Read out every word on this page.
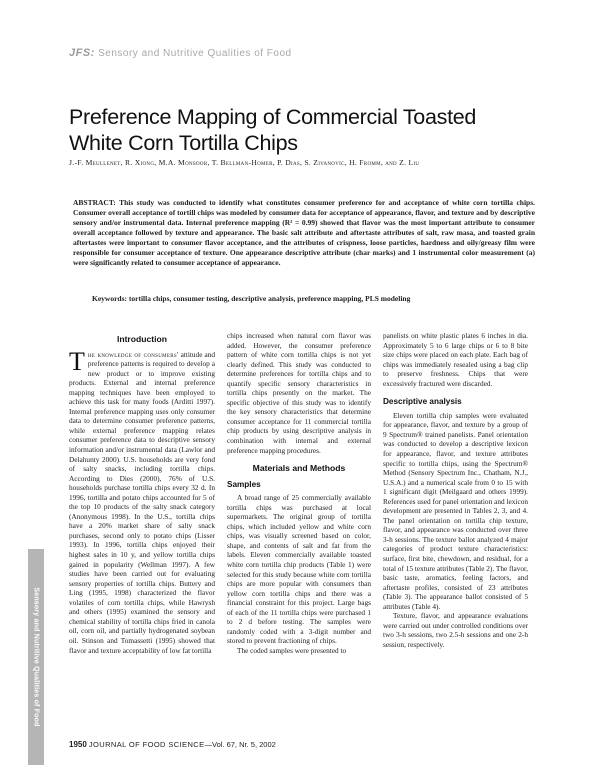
JFS: Sensory and Nutritive Qualities of Food
Preference Mapping of Commercial Toasted
White Corn Tortilla Chips
J.-F. Meullenet, R. Xiong, M.A. Monsoor, T. Bellman-Homer, P. Dias, S. Zivanovic, H. Fromm, and Z. Liu
ABSTRACT: This study was conducted to identify what constitutes consumer preference for and acceptance of white corn tortilla chips. Consumer overall acceptance of tortill chips was modeled by consumer data for acceptance of appearance, flavor, and texture and by descriptive sensory and/or instrumental data. Internal preference mapping (R² = 0.99) showed that flavor was the most important attribute to consumer overall acceptance followed by texture and appearance. The basic salt attribute and aftertaste attributes of salt, raw masa, and toasted grain aftertastes were important to consumer flavor acceptance, and the attributes of crispness, loose particles, hardness and oily/greasy film were responsible for consumer acceptance of texture. One appearance descriptive attribute (char marks) and 1 instrumental color measurement (a) were significantly related to consumer acceptance of appearance.
Keywords: tortilla chips, consumer testing, descriptive analysis, preference mapping, PLS modeling
Introduction

The knowledge of consumers' attitude and preference patterns is required to develop a new product or to improve existing products. External and internal preference mapping techniques have been employed to achieve this task for many foods (Arditti 1997). Internal preference mapping uses only consumer data to determine consumer preference patterns, while external preference mapping relates consumer preference data to descriptive sensory information and/or instrumental data (Lawlor and Delahunty 2000). U.S. households are very fond of salty snacks, including tortilla chips. According to Dies (2000), 76% of U.S. households purchase tortilla chips every 32 d. In 1996, tortilla and potato chips accounted for 5 of the top 10 products of the salty snack category (Anonymous 1998). In the U.S., tortilla chips have a 20% market share of salty snack purchases, second only to potato chips (Lisser 1993). In 1996, tortilla chips enjoyed their highest sales in 10 y, and yellow tortilla chips gained in popularity (Wellman 1997). A few studies have been carried out for evaluating sensory properties of tortilla chips. Buttery and Ling (1995, 1998) characterized the flavor volatiles of corn tortilla chips, while Hawrysh and others (1995) examined the sensory and chemical stability of tortilla chips fried in canola oil, corn oil, and partially hydrogenated soybean oil. Stinson and Tomassetti (1995) showed that flavor and texture acceptability of low fat tortilla

chips increased when natural corn flavor was added. However, the consumer preference pattern of white corn tortilla chips is not yet clearly defined. This study was conducted to determine preferences for tortilla chips and to quantify specific sensory characteristics in tortilla chips presently on the market. The specific objective of this study was to identify the key sensory characteristics that determine consumer acceptance for 11 commercial tortilla chip products by using descriptive analysis in combination with internal and external preference mapping procedures.

Materials and Methods
Samples

A broad range of 25 commercially available tortilla chips was purchased at local supermarkets. The original group of tortilla chips, which included yellow and white corn chips, was visually screened based on color, shape, and contents of salt and fat from the labels. Eleven commercially available toasted white corn tortilla chip products (Table 1) were selected for this study because white corn tortilla chips are more popular with consumers than yellow corn tortilla chips and there was a financial constraint for this project. Large bags of each of the 11 tortilla chips were purchased 1 to 2 d before testing. The samples were randomly coded with a 3-digit number and stored to prevent fractioning of chips.

The coded samples were presented to

panelists on white plastic plates 6 inches in dia. Approximately 5 to 6 large chips or 6 to 8 bite size chips were placed on each plate. Each bag of chips was immediately resealed using a bag clip to preserve freshness. Chips that were excessively fractured were discarded.

Descriptive analysis

Eleven tortilla chip samples were evaluated for appearance, flavor, and texture by a group of 9 Spectrum® trained panelists. Panel orientation was conducted to develop a descriptive lexicon for appearance, flavor, and texture attributes specific to tortilla chips, using the Spectrum® Method (Sensory Spectrum Inc., Chatham, N.J., U.S.A.) and a numerical scale from 0 to 15 with 1 significant digit (Meilgaard and others 1999). References used for panel orientation and lexicon development are presented in Tables 2, 3, and 4. The panel orientation on tortilla chip texture, flavor, and appearance was conducted over three 3-h sessions. The texture ballot analyzed 4 major categories of product texture characteristics: surface, first bite, chewdown, and residual, for a total of 15 texture attributes (Table 2). The flavor, basic taste, aromatics, feeling factors, and aftertaste profiles, consisted of 23 attributes (Table 3). The appearance ballot consisted of 5 attributes (Table 4).

Texture, flavor, and appearance evaluations were carried out under controlled conditions over two 3-h sessions, two 2.5-h sessions and one 2-h session, respectively.

Sensory and Nutritive Qualities of Food
1950 JOURNAL OF FOOD SCIENCE—Vol. 67, Nr. 5, 2002
